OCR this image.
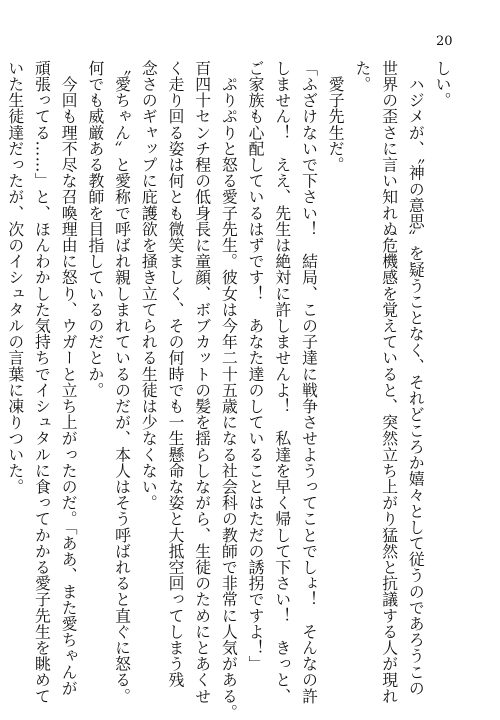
20
しい。
　ハジメが、〝神の意思〟を疑うことなく、それどころか嬉々として従うのであろうこの
世界の歪さに言い知れぬ危機感を覚えていると、突然立ち上がり猛然と抗議する人が現れ
た。
　愛子先生だ。
「ふざけないで下さい！　結局、この子達に戦争させようってことでしょ！　そんなの許
しません！　ええ、先生は絶対に許しませんよ！　私達を早く帰して下さい！　きっと、
ご家族も心配しているはずです！　あなた達のしていることはただの誘拐ですよ！」
　ぷりぷりと怒る愛子先生。彼女は今年二十五歳になる社会科の教師で非常に人気がある。
百四十センチ程の低身長に童顔、ボブカットの髪を揺らしながら、生徒のためにとあくせ
く走り回る姿は何とも微笑ましく、その何時でも一生懸命な姿と大抵空回ってしまう残
念さのギャップに庇護欲を掻き立てられる生徒は少なくない。
〝愛ちゃん〟と愛称で呼ばれ親しまれているのだが、本人はそう呼ばれると直ぐに怒る。
何でも威厳ある教師を目指しているのだとか。
　今回も理不尽な召喚理由に怒り、ウガーと立ち上がったのだ。「ああ、また愛ちゃんが
頑張ってる……」と、ほんわかした気持ちでイシュタルに食ってかかる愛子先生を眺めて
いた生徒達だったが、次のイシュタルの言葉に凍りついた。
